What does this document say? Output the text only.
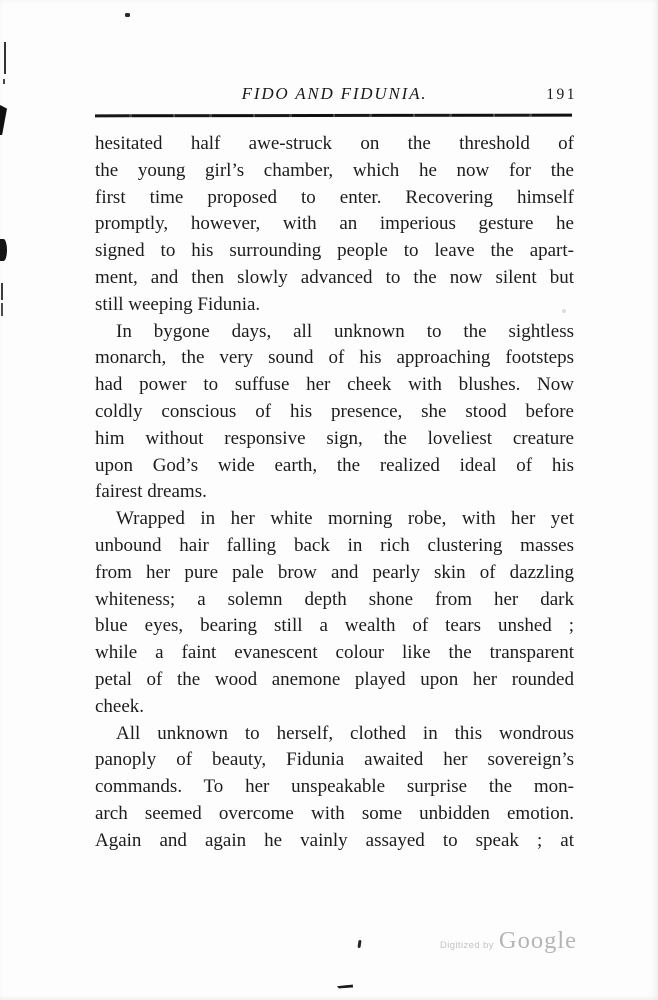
FIDO AND FIDUNIA.	191
hesitated half awe-struck on the threshold of
the young girl’s chamber, which he now for the
first time proposed to enter. Recovering himself
promptly, however, with an imperious gesture he
signed to his surrounding people to leave the apart-
ment, and then slowly advanced to the now silent but
still weeping Fidunia.
In bygone days, all unknown to the sightless
monarch, the very sound of his approaching footsteps
had power to suffuse her cheek with blushes. Now
coldly conscious of his presence, she stood before
him without responsive sign, the loveliest creature
upon God’s wide earth, the realized ideal of his
fairest dreams.
Wrapped in her white morning robe, with her yet
unbound hair falling back in rich clustering masses
from her pure pale brow and pearly skin of dazzling
whiteness; a solemn depth shone from her dark
blue eyes, bearing still a wealth of tears unshed ;
while a faint evanescent colour like the transparent
petal of the wood anemone played upon her rounded
cheek.
All unknown to herself, clothed in this wondrous
panoply of beauty, Fidunia awaited her sovereign’s
commands. To her unspeakable surprise the mon-
arch seemed overcome with some unbidden emotion.
Again and again he vainly assayed to speak ; at
Digitized by Google
